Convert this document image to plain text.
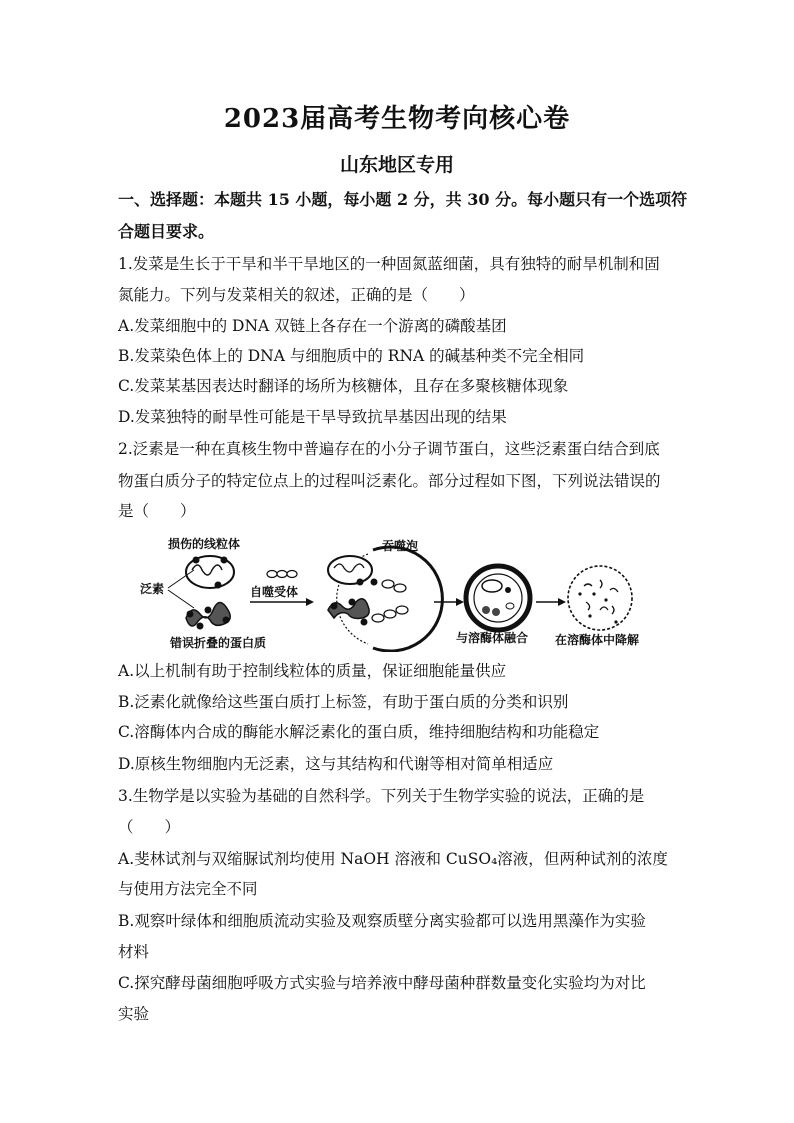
2023届高考生物考向核心卷
山东地区专用
一、选择题：本题共 15 小题，每小题 2 分，共 30 分。每小题只有一个选项符
合题目要求。
1.发菜是生长于干旱和半干旱地区的一种固氮蓝细菌，具有独特的耐旱机制和固
氮能力。下列与发菜相关的叙述，正确的是（　　）
A.发菜细胞中的 DNA 双链上各存在一个游离的磷酸基团
B.发菜染色体上的 DNA 与细胞质中的 RNA 的碱基种类不完全相同
C.发菜某基因表达时翻译的场所为核糖体，且存在多聚核糖体现象
D.发菜独特的耐旱性可能是干旱导致抗旱基因出现的结果
2.泛素是一种在真核生物中普遍存在的小分子调节蛋白，这些泛素蛋白结合到底
物蛋白质分子的特定位点上的过程叫泛素化。部分过程如下图，下列说法错误的
是（　　）
损伤的线粒体
泛素
错误折叠的蛋白质
自噬受体
吞噬泡
与溶酶体融合 在溶酶体中降解
A.以上机制有助于控制线粒体的质量，保证细胞能量供应
B.泛素化就像给这些蛋白质打上标签，有助于蛋白质的分类和识别
C.溶酶体内合成的酶能水解泛素化的蛋白质，维持细胞结构和功能稳定
D.原核生物细胞内无泛素，这与其结构和代谢等相对简单相适应
3.生物学是以实验为基础的自然科学。下列关于生物学实验的说法，正确的是
（　　）
A.斐林试剂与双缩脲试剂均使用 NaOH 溶液和 CuSO₄溶液，但两种试剂的浓度
与使用方法完全不同
B.观察叶绿体和细胞质流动实验及观察质壁分离实验都可以选用黑藻作为实验
材料
C.探究酵母菌细胞呼吸方式实验与培养液中酵母菌种群数量变化实验均为对比
实验
